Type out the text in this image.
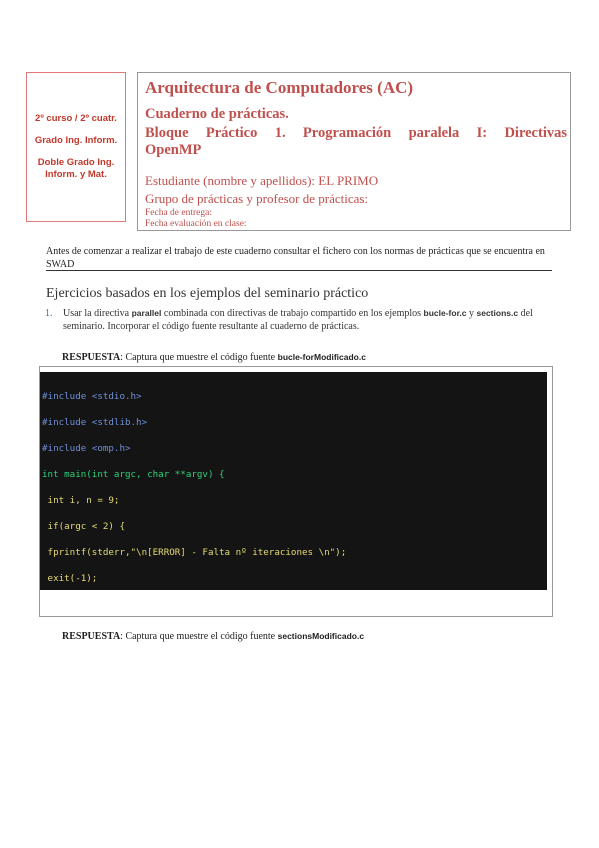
2º curso / 2º cuatr.
Grado Ing. Inform.
Doble Grado Ing.
Inform. y Mat.
Arquitectura de Computadores (AC)
Cuaderno de prácticas.
Bloque Práctico 1. Programación paralela I: Directivas
OpenMP
Estudiante (nombre y apellidos): EL PRIMO
Grupo de prácticas y profesor de prácticas:
Fecha de entrega:
Fecha evaluación en clase:
Antes de comenzar a realizar el trabajo de este cuaderno consultar el fichero con los normas de prácticas que se encuentra en SWAD
Ejercicios basados en los ejemplos del seminario práctico
1. Usar la directiva parallel combinada con directivas de trabajo compartido en los ejemplos bucle-for.c y sections.c del seminario. Incorporar el código fuente resultante al cuaderno de prácticas.
RESPUESTA: Captura que muestre el código fuente bucle-forModificado.c

#include <stdio.h>

#include <stdlib.h>

#include <omp.h>

int main(int argc, char **argv) {

int i, n = 9;

if(argc < 2) {

fprintf(stderr,"\n[ERROR] - Falta nº iteraciones \n");

exit(-1);

RESPUESTA: Captura que muestre el código fuente sectionsModificado.c
